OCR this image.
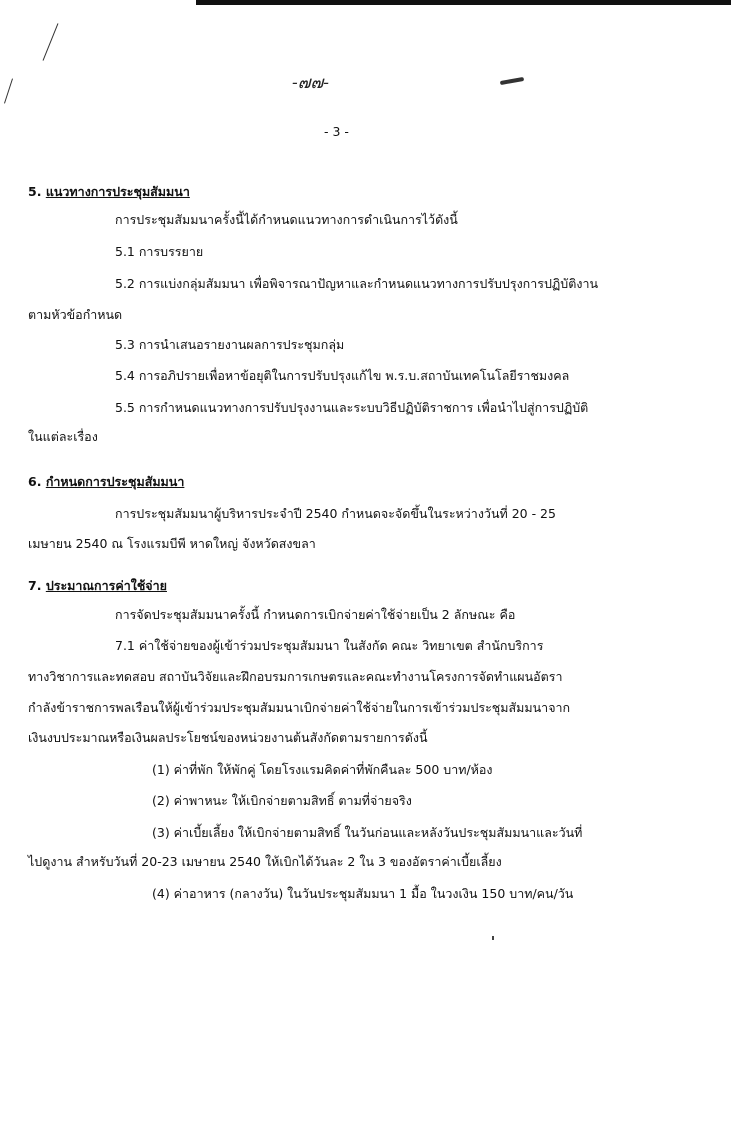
-๗๗-
- 3 -
5. แนวทางการประชุมสัมมนา
การประชุมสัมมนาครั้งนี้ได้กำหนดแนวทางการดำเนินการไว้ดังนี้
5.1 การบรรยาย
5.2 การแบ่งกลุ่มสัมมนา เพื่อพิจารณาปัญหาและกำหนดแนวทางการปรับปรุงการปฏิบัติงาน
ตามหัวข้อกำหนด
5.3 การนำเสนอรายงานผลการประชุมกลุ่ม
5.4 การอภิปรายเพื่อหาข้อยุติในการปรับปรุงแก้ไข พ.ร.บ.สถาบันเทคโนโลยีราชมงคล
5.5 การกำหนดแนวทางการปรับปรุงงานและระบบวิธีปฏิบัติราชการ เพื่อนำไปสู่การปฏิบัติ
ในแต่ละเรื่อง
6. กำหนดการประชุมสัมมนา
การประชุมสัมมนาผู้บริหารประจำปี 2540 กำหนดจะจัดขึ้นในระหว่างวันที่ 20 - 25
เมษายน 2540 ณ โรงแรมบีพี หาดใหญ่ จังหวัดสงขลา
7. ประมาณการค่าใช้จ่าย
การจัดประชุมสัมมนาครั้งนี้ กำหนดการเบิกจ่ายค่าใช้จ่ายเป็น 2 ลักษณะ คือ
7.1 ค่าใช้จ่ายของผู้เข้าร่วมประชุมสัมมนา ในสังกัด คณะ วิทยาเขต สำนักบริการ
ทางวิชาการและทดสอบ สถาบันวิจัยและฝึกอบรมการเกษตรและคณะทำงานโครงการจัดทำแผนอัตรา
กำลังข้าราชการพลเรือนให้ผู้เข้าร่วมประชุมสัมมนาเบิกจ่ายค่าใช้จ่ายในการเข้าร่วมประชุมสัมมนาจาก
เงินงบประมาณหรือเงินผลประโยชน์ของหน่วยงานต้นสังกัดตามรายการดังนี้
(1) ค่าที่พัก ให้พักคู่ โดยโรงแรมคิดค่าที่พักคืนละ 500 บาท/ห้อง
(2) ค่าพาหนะ ให้เบิกจ่ายตามสิทธิ์ ตามที่จ่ายจริง
(3) ค่าเบี้ยเลี้ยง ให้เบิกจ่ายตามสิทธิ์ ในวันก่อนและหลังวันประชุมสัมมนาและวันที่
ไปดูงาน สำหรับวันที่ 20-23 เมษายน 2540 ให้เบิกได้วันละ 2 ใน 3 ของอัตราค่าเบี้ยเลี้ยง
(4) ค่าอาหาร (กลางวัน) ในวันประชุมสัมมนา 1 มื้อ ในวงเงิน 150 บาท/คน/วัน
